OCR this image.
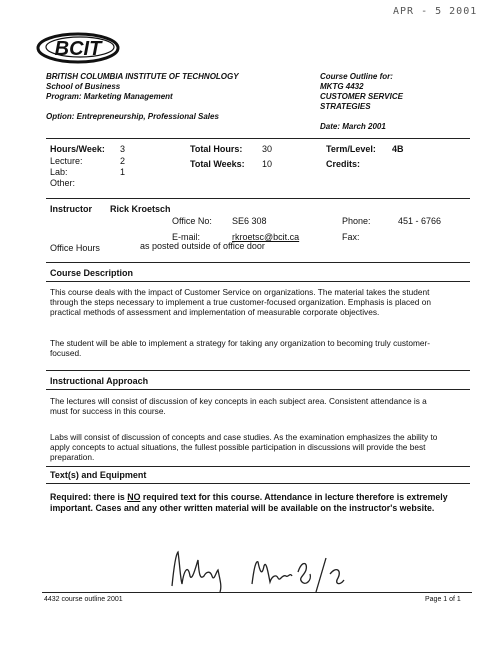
APR - 5 2001
BCIT
BRITISH COLUMBIA INSTITUTE OF TECHNOLOGY
School of Business
Program: Marketing Management
Option: Entrepreneurship, Professional Sales
Course Outline for:
MKTG 4432
CUSTOMER SERVICE
STRATEGIES
Date: March 2001
Hours/Week: 3	Total Hours: 30	Term/Level: 4B
Lecture:	2	Total Weeks: 10	Credits:
Lab:	1
Other:
Instructor Rick Kroetsch
Office No: SE6 308	Phone:	451 - 6766
E-mail:	rkroetsc@bcit.ca	Fax:
Office Hours	as posted outside of office door
Course Description
This course deals with the impact of Customer Service on organizations. The material takes the student through the steps necessary to implement a true customer-focused organization. Emphasis is placed on practical methods of assessment and implementation of measurable corporate objectives.
The student will be able to implement a strategy for taking any organization to becoming truly customer-focused.
Instructional Approach
The lectures will consist of discussion of key concepts in each subject area. Consistent attendance is a must for success in this course.
Labs will consist of discussion of concepts and case studies. As the examination emphasizes the ability to apply concepts to actual situations, the fullest possible participation in discussions will provide the best preparation.
Text(s) and Equipment
Required: there is NO required text for this course. Attendance in lecture therefore is extremely important. Cases and any other written material will be available on the instructor's website.
M Kroetsch March 28/01
4432 course outline 2001	Page 1 of 1
